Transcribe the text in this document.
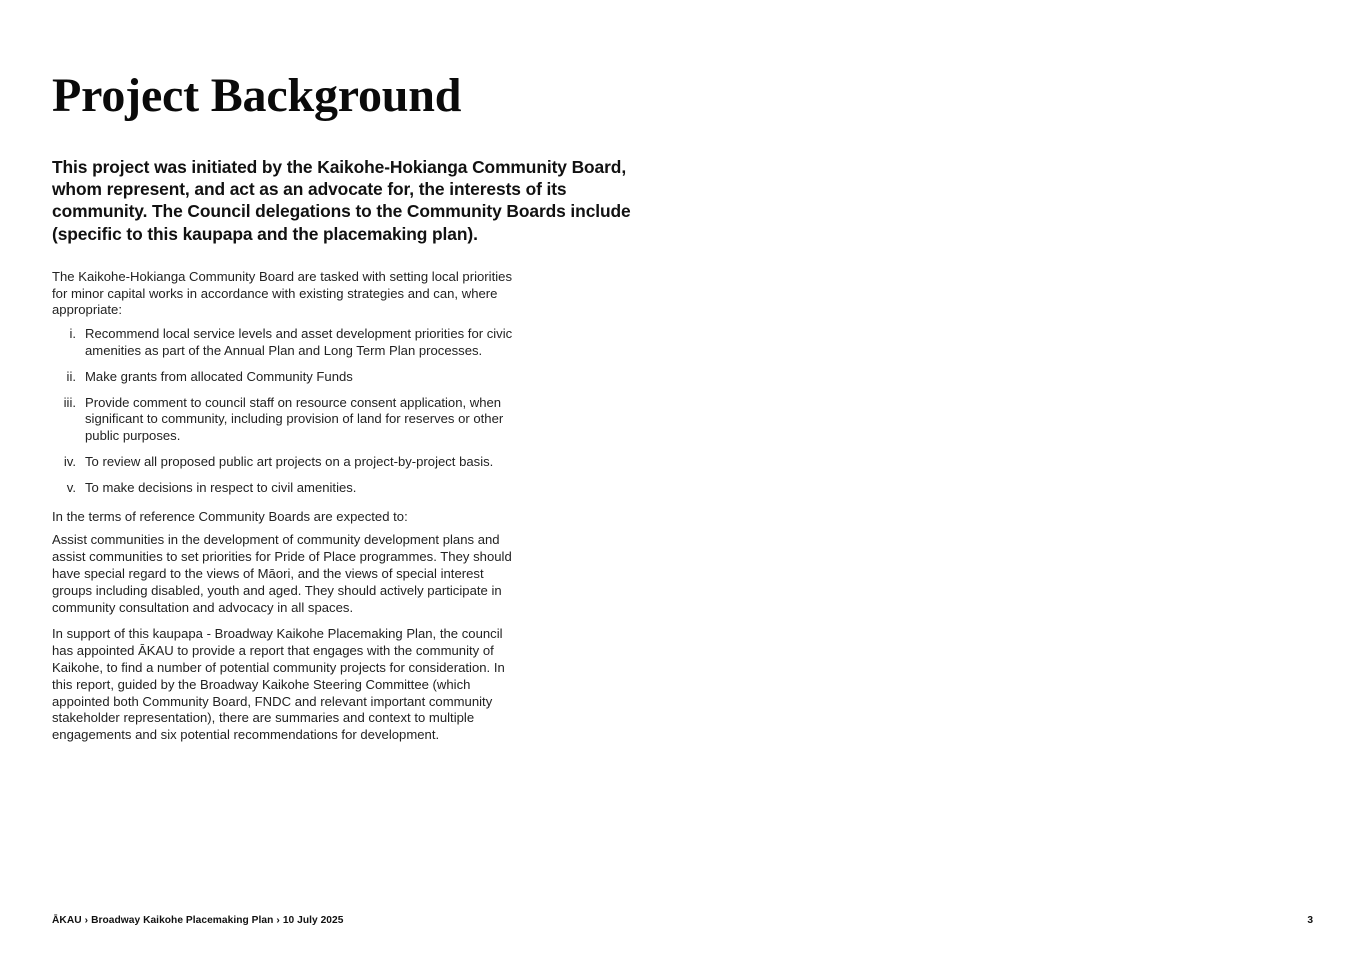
Project Background

This project was initiated by the Kaikohe-Hokianga Community Board, whom represent, and act as an advocate for, the interests of its community. The Council delegations to the Community Boards include (specific to this kaupapa and the placemaking plan).

The Kaikohe-Hokianga Community Board are tasked with setting local priorities for minor capital works in accordance with existing strategies and can, where appropriate:

i. Recommend local service levels and asset development priorities for civic amenities as part of the Annual Plan and Long Term Plan processes.
ii. Make grants from allocated Community Funds
iii. Provide comment to council staff on resource consent application, when significant to community, including provision of land for reserves or other public purposes.
iv. To review all proposed public art projects on a project-by-project basis.
v. To make decisions in respect to civil amenities.

In the terms of reference Community Boards are expected to:

Assist communities in the development of community development plans and assist communities to set priorities for Pride of Place programmes. They should have special regard to the views of Māori, and the views of special interest groups including disabled, youth and aged. They should actively participate in community consultation and advocacy in all spaces.

In support of this kaupapa - Broadway Kaikohe Placemaking Plan, the council has appointed ĀKAU to provide a report that engages with the community of Kaikohe, to find a number of potential community projects for consideration. In this report, guided by the Broadway Kaikohe Steering Committee (which appointed both Community Board, FNDC and relevant important community stakeholder representation), there are summaries and context to multiple engagements and six potential recommendations for development.

ĀKAU › Broadway Kaikohe Placemaking Plan › 10 July 2025	3
